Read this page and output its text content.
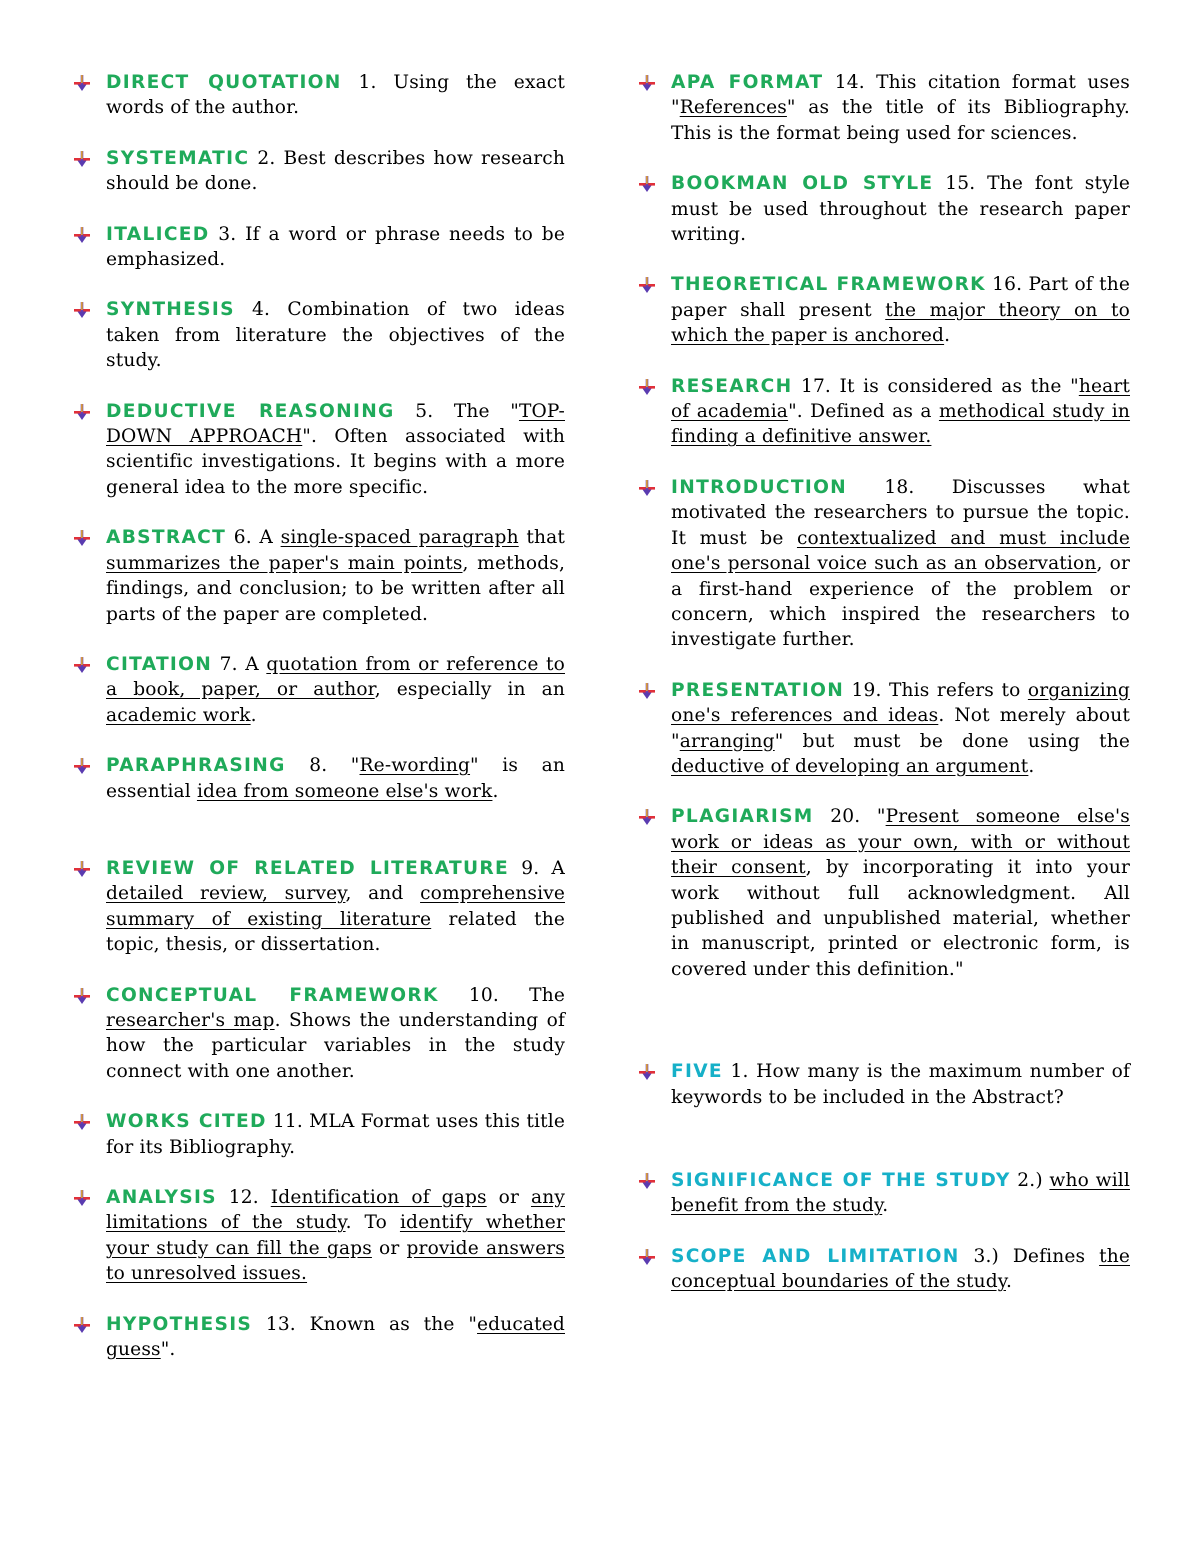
DIRECT QUOTATION 1. Using the exact words of the author.

SYSTEMATIC 2. Best describes how research should be done.

ITALICED 3. If a word or phrase needs to be emphasized.

SYNTHESIS 4. Combination of two ideas taken from literature the objectives of the study.

DEDUCTIVE REASONING 5. The "TOP-DOWN APPROACH". Often associated with scientific investigations. It begins with a more general idea to the more specific.

ABSTRACT 6. A single-spaced paragraph that summarizes the paper's main points, methods, findings, and conclusion; to be written after all parts of the paper are completed.

CITATION 7. A quotation from or reference to a book, paper, or author, especially in an academic work.

PARAPHRASING 8. "Re-wording" is an essential idea from someone else's work.

REVIEW OF RELATED LITERATURE 9. A detailed review, survey, and comprehensive summary of existing literature related the topic, thesis, or dissertation.

CONCEPTUAL FRAMEWORK 10. The researcher's map. Shows the understanding of how the particular variables in the study connect with one another.

WORKS CITED 11. MLA Format uses this title for its Bibliography.

ANALYSIS 12. Identification of gaps or any limitations of the study. To identify whether your study can fill the gaps or provide answers to unresolved issues.

HYPOTHESIS 13. Known as the "educated guess".

APA FORMAT 14. This citation format uses "References" as the title of its Bibliography. This is the format being used for sciences.

BOOKMAN OLD STYLE 15. The font style must be used throughout the research paper writing.

THEORETICAL FRAMEWORK 16. Part of the paper shall present the major theory on to which the paper is anchored.

RESEARCH 17. It is considered as the "heart of academia". Defined as a methodical study in finding a definitive answer.

INTRODUCTION 18. Discusses what motivated the researchers to pursue the topic. It must be contextualized and must include one's personal voice such as an observation, or a first-hand experience of the problem or concern, which inspired the researchers to investigate further.

PRESENTATION 19. This refers to organizing one's references and ideas. Not merely about "arranging" but must be done using the deductive of developing an argument.

PLAGIARISM 20. "Present someone else's work or ideas as your own, with or without their consent, by incorporating it into your work without full acknowledgment. All published and unpublished material, whether in manuscript, printed or electronic form, is covered under this definition."

FIVE 1. How many is the maximum number of keywords to be included in the Abstract?

SIGNIFICANCE OF THE STUDY 2.) who will benefit from the study.

SCOPE AND LIMITATION 3.) Defines the conceptual boundaries of the study.
